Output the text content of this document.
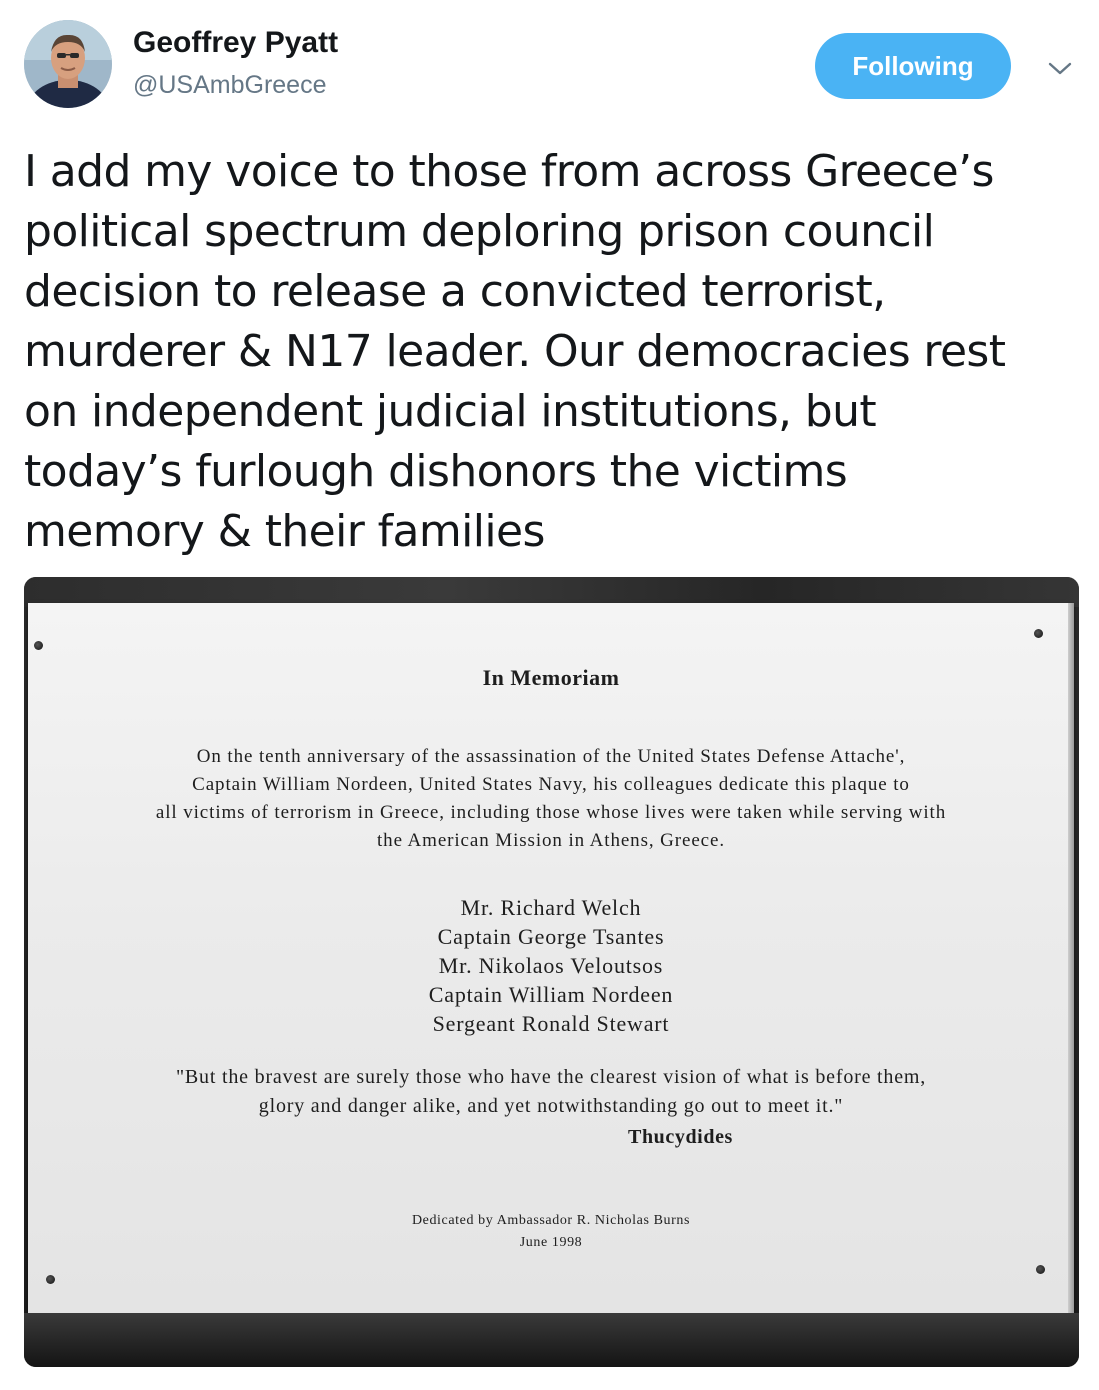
Geoffrey Pyatt
@USAmbGreece
Following

I add my voice to those from across Greece’s
political spectrum deploring prison council
decision to release a convicted terrorist,
murderer & N17 leader. Our democracies rest
on independent judicial institutions, but
today’s furlough dishonors the victims
memory & their families

In Memoriam
On the tenth anniversary of the assassination of the United States Defense Attache',
Captain William Nordeen, United States Navy, his colleagues dedicate this plaque to
all victims of terrorism in Greece, including those whose lives were taken while serving with
the American Mission in Athens, Greece.
Mr. Richard Welch
Captain George Tsantes
Mr. Nikolaos Veloutsos
Captain William Nordeen
Sergeant Ronald Stewart
"But the bravest are surely those who have the clearest vision of what is before them,
glory and danger alike, and yet notwithstanding go out to meet it."
Thucydides
Dedicated by Ambassador R. Nicholas Burns
June 1998
